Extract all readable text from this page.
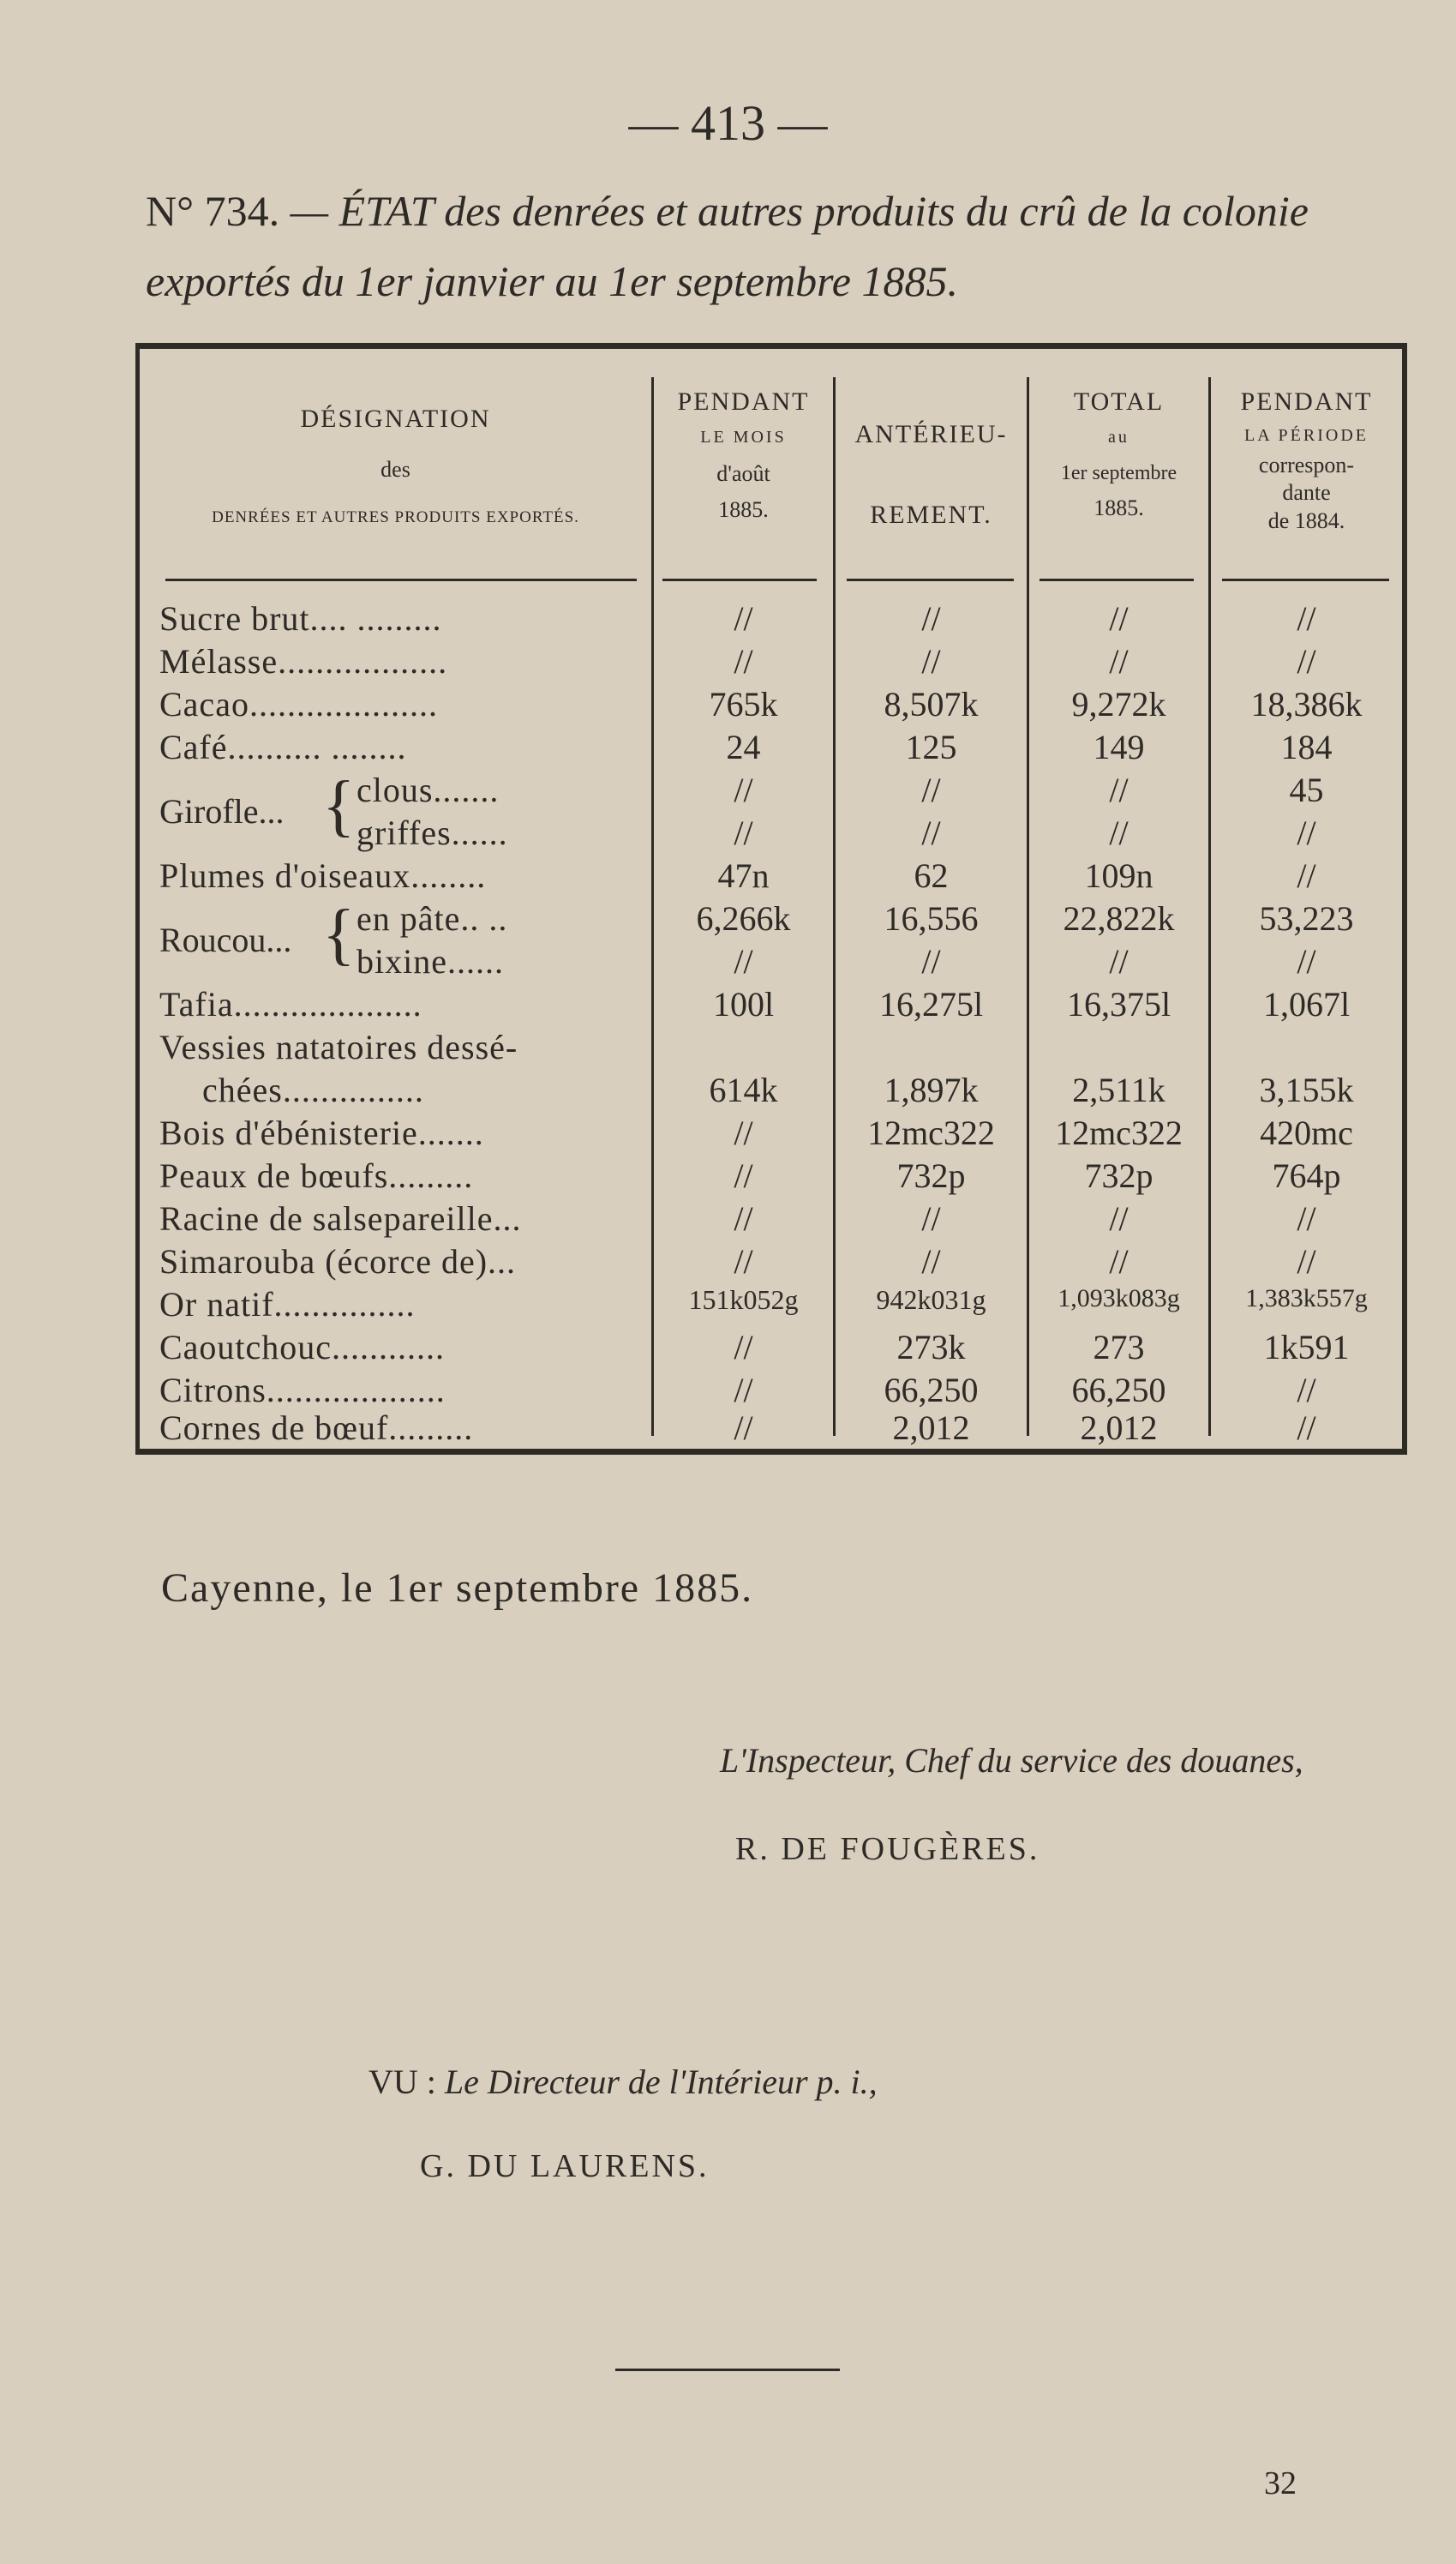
— 413 —
N° 734. — ÉTAT des denrées et autres produits du crû de la colonie exportés du 1er janvier au 1er septembre 1885.
DÉSIGNATION
des
DENRÉES ET AUTRES PRODUITS EXPORTÉS.
PENDANT
LE MOIS
d'août
1885.
ANTÉRIEU-
REMENT.
TOTAL
au
1er septembre
1885.
PENDANT
LA PÉRIODE
correspon-
dante
de 1884.
Sucre brut.... .........	//	//	//	//
Mélasse..................	//	//	//	//
Cacao....................	765k	8,507k	9,272k	18,386k
Café.......... ........	24	125	149	184
Girofle... { clous.......	//	//	//	45
griffes......	//	//	//	//
Plumes d'oiseaux........	47n	62	109n	//
Roucou... { en pâte.. ..	6,266k	16,556	22,822k	53,223
bixine......	//	//	//	//
Tafia....................	100l	16,275l	16,375l	1,067l
Vessies natatoires dessé-
chées...............	614k	1,897k	2,511k	3,155k
Bois d'ébénisterie.......	//	12mc322	12mc322	420mc
Peaux de bœufs.........	//	732p	732p	764p
Racine de salsepareille...	//	//	//	//
Simarouba (écorce de)...	//	//	//	//
Or natif...............	151k052g	942k031g	1,093k083g	1,383k557g
Caoutchouc............	//	273k	273	1k591
Citrons...................	//	66,250	66,250	//
Cornes de bœuf.........	//	2,012	2,012	//
Cayenne, le 1er septembre 1885.
L'Inspecteur, Chef du service des douanes,
R. DE FOUGÈRES.
VU : Le Directeur de l'Intérieur p. i.,
G. DU LAURENS.
32
